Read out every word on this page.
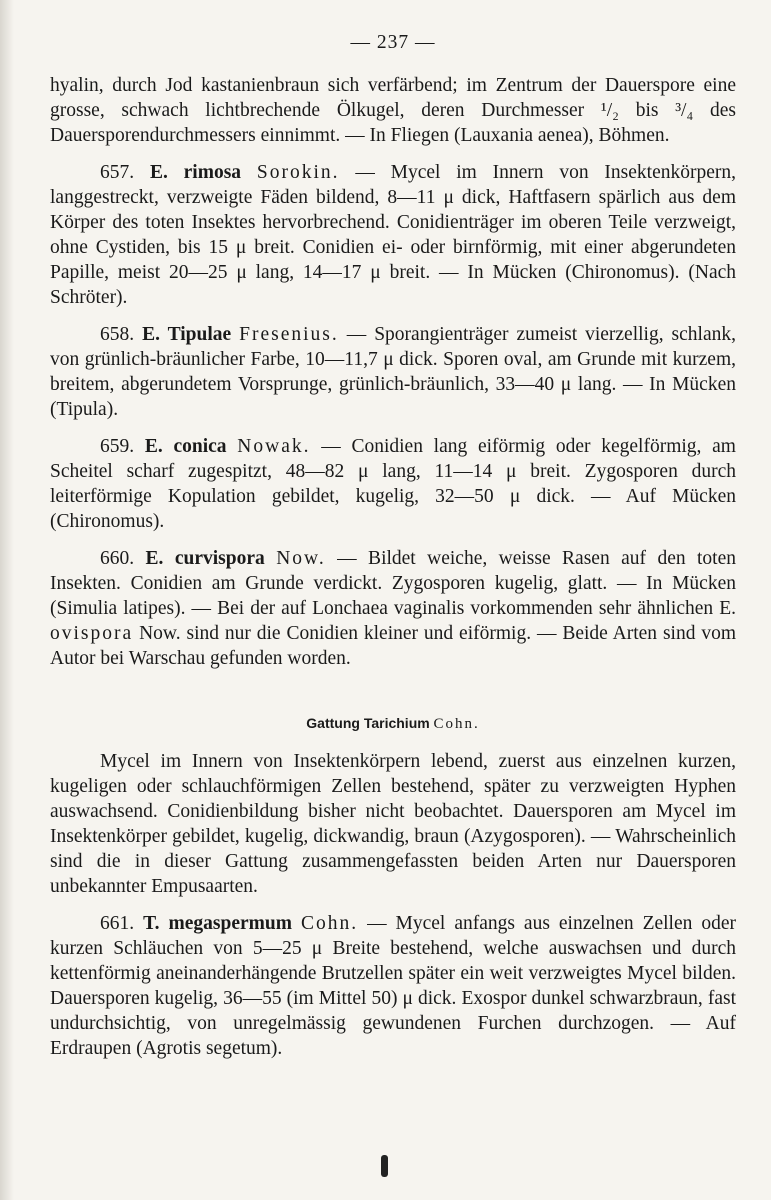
— 237 —

hyalin, durch Jod kastanienbraun sich verfärbend; im Zentrum der Dauerspore eine grosse, schwach lichtbrechende Ölkugel, deren Durchmesser ¹/₂ bis ³/₄ des Dauersporendurchmessers einnimmt. — In Fliegen (Lauxania aenea), Böhmen.

657. E. rimosa Sorokin. — Mycel im Innern von Insektenkörpern, langgestreckt, verzweigte Fäden bildend, 8—11 μ dick, Haftfasern spärlich aus dem Körper des toten Insektes hervorbrechend. Conidienträger im oberen Teile verzweigt, ohne Cystiden, bis 15 μ breit. Conidien ei- oder birnförmig, mit einer abgerundeten Papille, meist 20—25 μ lang, 14—17 μ breit. — In Mücken (Chironomus). (Nach Schröter).

658. E. Tipulae Fresenius. — Sporangienträger zumeist vierzellig, schlank, von grünlich-bräunlicher Farbe, 10—11,7 μ dick. Sporen oval, am Grunde mit kurzem, breitem, abgerundetem Vorsprunge, grünlich-bräunlich, 33—40 μ lang. — In Mücken (Tipula).

659. E. conica Nowak. — Conidien lang eiförmig oder kegelförmig, am Scheitel scharf zugespitzt, 48—82 μ lang, 11—14 μ breit. Zygosporen durch leiterförmige Kopulation gebildet, kugelig, 32—50 μ dick. — Auf Mücken (Chironomus).

660. E. curvispora Now. — Bildet weiche, weisse Rasen auf den toten Insekten. Conidien am Grunde verdickt. Zygosporen kugelig, glatt. — In Mücken (Simulia latipes). — Bei der auf Lonchaea vaginalis vorkommenden sehr ähnlichen E. ovispora Now. sind nur die Conidien kleiner und eiförmig. — Beide Arten sind vom Autor bei Warschau gefunden worden.

Gattung Tarichium Cohn.

Mycel im Innern von Insektenkörpern lebend, zuerst aus einzelnen kurzen, kugeligen oder schlauchförmigen Zellen bestehend, später zu verzweigten Hyphen auswachsend. Conidienbildung bisher nicht beobachtet. Dauersporen am Mycel im Insektenkörper gebildet, kugelig, dickwandig, braun (Azygosporen). — Wahrscheinlich sind die in dieser Gattung zusammengefassten beiden Arten nur Dauersporen unbekannter Empusaarten.

661. T. megaspermum Cohn. — Mycel anfangs aus einzelnen Zellen oder kurzen Schläuchen von 5—25 μ Breite bestehend, welche auswachsen und durch kettenförmig aneinanderhängende Brutzellen später ein weit verzweigtes Mycel bilden. Dauersporen kugelig, 36—55 (im Mittel 50) μ dick. Exospor dunkel schwarzbraun, fast undurchsichtig, von unregelmässig gewundenen Furchen durchzogen. — Auf Erdraupen (Agrotis segetum).
